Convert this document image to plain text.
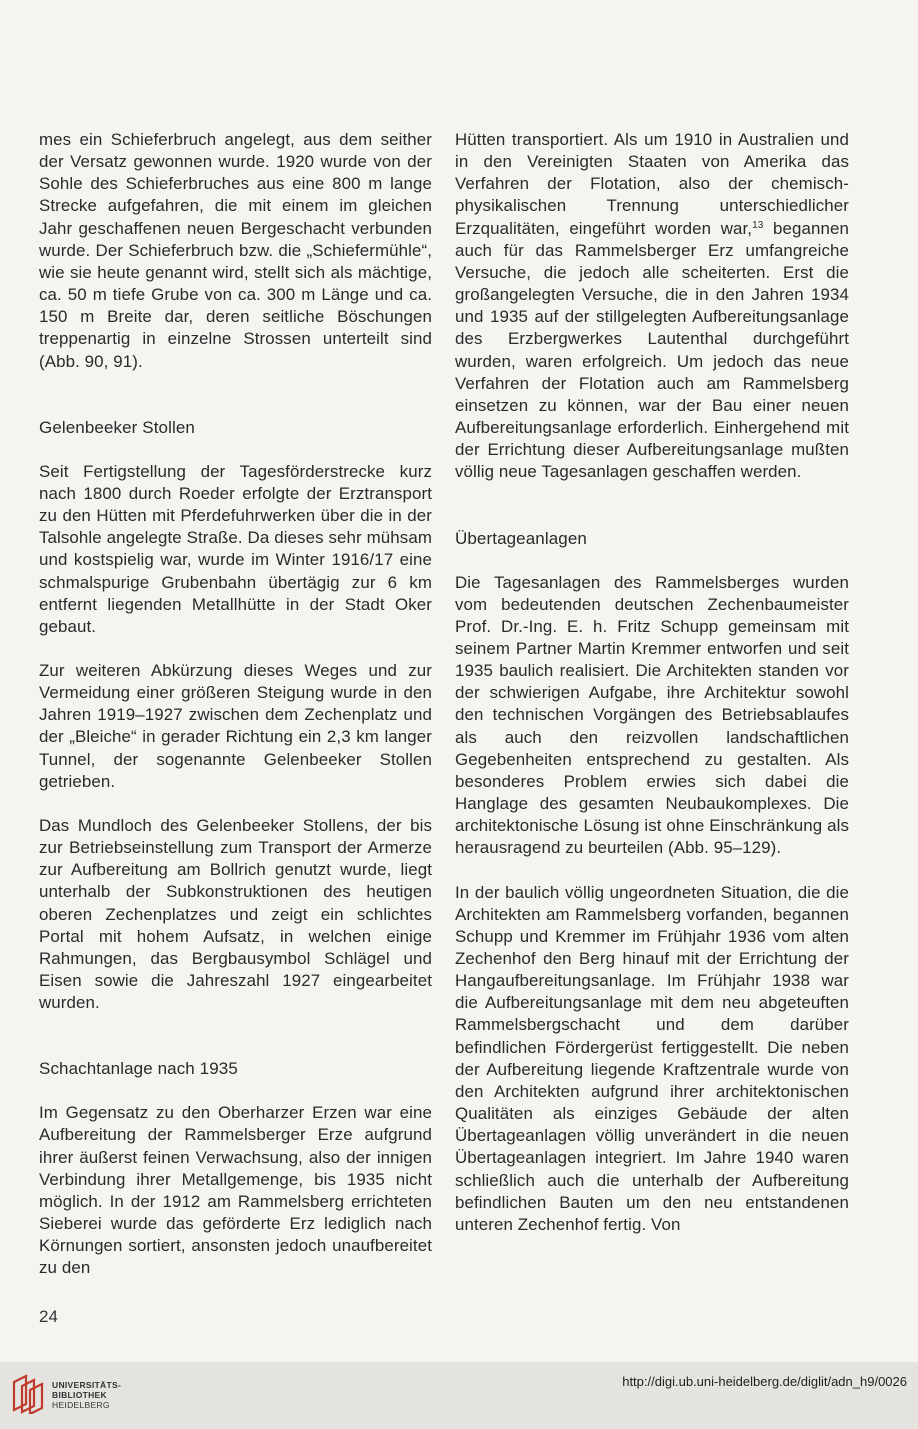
mes ein Schieferbruch angelegt, aus dem seither der Versatz gewonnen wurde. 1920 wurde von der Sohle des Schieferbruches aus eine 800 m lange Strecke aufgefahren, die mit einem im gleichen Jahr geschaffenen neuen Bergeschacht verbunden wurde. Der Schieferbruch bzw. die „Schiefermühle“, wie sie heute genannt wird, stellt sich als mächtige, ca. 50 m tiefe Grube von ca. 300 m Länge und ca. 150 m Breite dar, deren seitliche Böschungen treppenartig in einzelne Strossen unterteilt sind (Abb. 90, 91).

Gelenbeeker Stollen

Seit Fertigstellung der Tagesförderstrecke kurz nach 1800 durch Roeder erfolgte der Erztransport zu den Hütten mit Pferdefuhrwerken über die in der Talsohle angelegte Straße. Da dieses sehr mühsam und kostspielig war, wurde im Winter 1916/17 eine schmalspurige Grubenbahn übertägig zur 6 km entfernt liegenden Metallhütte in der Stadt Oker gebaut.

Zur weiteren Abkürzung dieses Weges und zur Vermeidung einer größeren Steigung wurde in den Jahren 1919–1927 zwischen dem Zechenplatz und der „Bleiche“ in gerader Richtung ein 2,3 km langer Tunnel, der sogenannte Gelenbeeker Stollen getrieben.

Das Mundloch des Gelenbeeker Stollens, der bis zur Betriebseinstellung zum Transport der Armerze zur Aufbereitung am Bollrich genutzt wurde, liegt unterhalb der Subkonstruktionen des heutigen oberen Zechenplatzes und zeigt ein schlichtes Portal mit hohem Aufsatz, in welchen einige Rahmungen, das Bergbausymbol Schlägel und Eisen sowie die Jahreszahl 1927 eingearbeitet wurden.

Schachtanlage nach 1935

Im Gegensatz zu den Oberharzer Erzen war eine Aufbereitung der Rammelsberger Erze aufgrund ihrer äußerst feinen Verwachsung, also der innigen Verbindung ihrer Metallgemenge, bis 1935 nicht möglich. In der 1912 am Rammelsberg errichteten Sieberei wurde das geförderte Erz lediglich nach Körnungen sortiert, ansonsten jedoch unaufbereitet zu den

Hütten transportiert. Als um 1910 in Australien und in den Vereinigten Staaten von Amerika das Verfahren der Flotation, also der chemisch-physikalischen Trennung unterschiedlicher Erzqualitäten, eingeführt worden war,$^{13}$ begannen auch für das Rammelsberger Erz umfangreiche Versuche, die jedoch alle scheiterten. Erst die großangelegten Versuche, die in den Jahren 1934 und 1935 auf der stillgelegten Aufbereitungsanlage des Erzbergwerkes Lautenthal durchgeführt wurden, waren erfolgreich. Um jedoch das neue Verfahren der Flotation auch am Rammelsberg einsetzen zu können, war der Bau einer neuen Aufbereitungsanlage erforderlich. Einhergehend mit der Errichtung dieser Aufbereitungsanlage mußten völlig neue Tagesanlagen geschaffen werden.

Übertageanlagen

Die Tagesanlagen des Rammelsberges wurden vom bedeutenden deutschen Zechenbaumeister Prof. Dr.-Ing. E. h. Fritz Schupp gemeinsam mit seinem Partner Martin Kremmer entworfen und seit 1935 baulich realisiert. Die Architekten standen vor der schwierigen Aufgabe, ihre Architektur sowohl den technischen Vorgängen des Betriebsablaufes als auch den reizvollen landschaftlichen Gegebenheiten entsprechend zu gestalten. Als besonderes Problem erwies sich dabei die Hanglage des gesamten Neubaukomplexes. Die architektonische Lösung ist ohne Einschränkung als herausragend zu beurteilen (Abb. 95–129).

In der baulich völlig ungeordneten Situation, die die Architekten am Rammelsberg vorfanden, begannen Schupp und Kremmer im Frühjahr 1936 vom alten Zechenhof den Berg hinauf mit der Errichtung der Hangaufbereitungsanlage. Im Frühjahr 1938 war die Aufbereitungsanlage mit dem neu abgeteuften Rammelsbergschacht und dem darüber befindlichen Fördergerüst fertiggestellt. Die neben der Aufbereitung liegende Kraftzentrale wurde von den Architekten aufgrund ihrer architektonischen Qualitäten als einziges Gebäude der alten Übertageanlagen völlig unverändert in die neuen Übertageanlagen integriert. Im Jahre 1940 waren schließlich auch die unterhalb der Aufbereitung befindlichen Bauten um den neu entstandenen unteren Zechenhof fertig. Von

24
UNIVERSITÄTS-
BIBLIOTHEK
HEIDELBERG
http://digi.ub.uni-heidelberg.de/diglit/adn_h9/0026
